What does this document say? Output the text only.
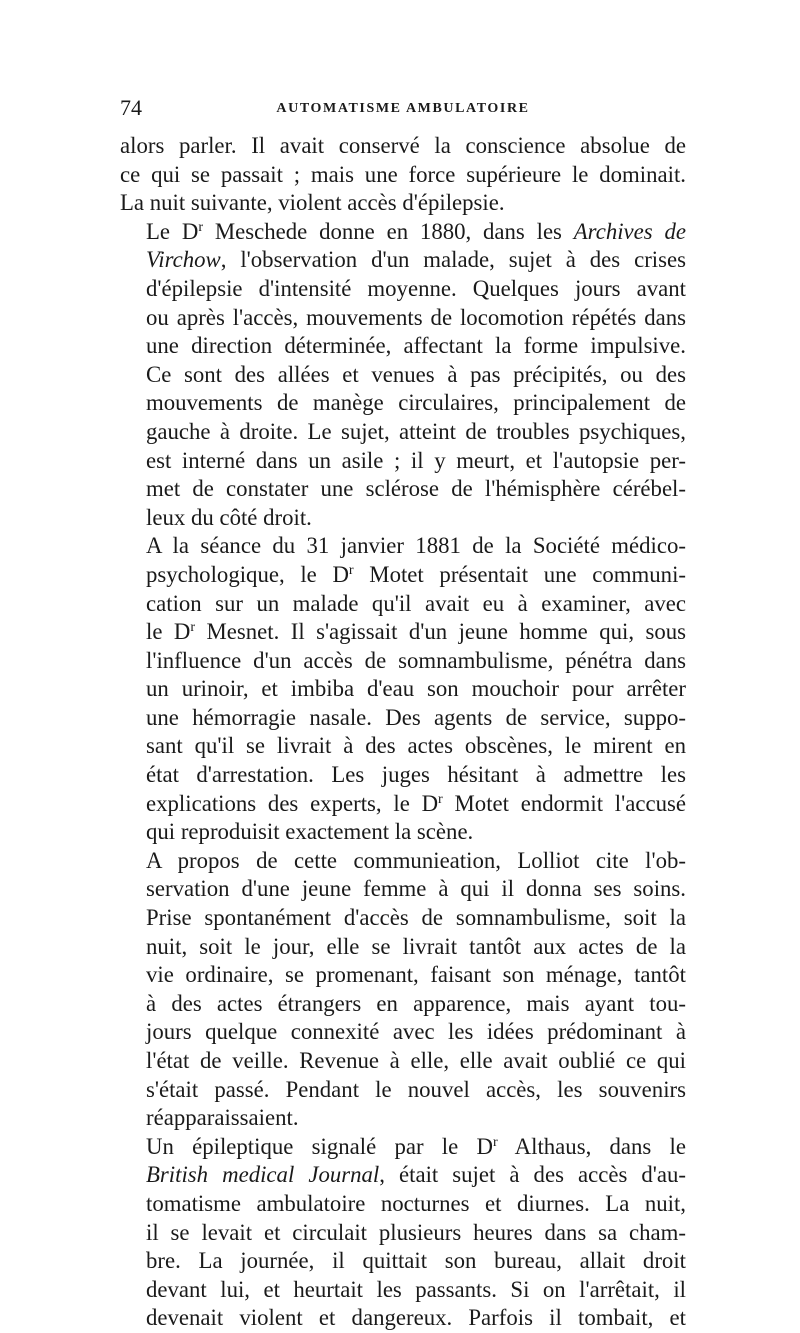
74	AUTOMATISME AMBULATOIRE

alors parler. Il avait conservé la conscience absolue de
ce qui se passait ; mais une force supérieure le dominait.
La nuit suivante, violent accès d'épilepsie.

Le $D^r$ Meschede donne en 1880, dans les Archives de
Virchow, l'observation d'un malade, sujet à des crises
d'épilepsie d'intensité moyenne. Quelques jours avant
ou après l'accès, mouvements de locomotion répétés dans
une direction déterminée, affectant la forme impulsive.
Ce sont des allées et venues à pas précipités, ou des
mouvements de manège circulaires, principalement de
gauche à droite. Le sujet, atteint de troubles psychiques,
est interné dans un asile ; il y meurt, et l'autopsie per-
met de constater une sclérose de l'hémisphère cérébel-
leux du côté droit.

A la séance du 31 janvier 1881 de la Société médico-
psychologique, le $D^r$ Motet présentait une communi-
cation sur un malade qu'il avait eu à examiner, avec
le $D^r$ Mesnet. Il s'agissait d'un jeune homme qui, sous
l'influence d'un accès de somnambulisme, pénétra dans
un urinoir, et imbiba d'eau son mouchoir pour arrêter
une hémorragie nasale. Des agents de service, suppo-
sant qu'il se livrait à des actes obscènes, le mirent en
état d'arrestation. Les juges hésitant à admettre les
explications des experts, le $D^r$ Motet endormit l'accusé
qui reproduisit exactement la scène.

A propos de cette communieation, Lolliot cite l'ob-
servation d'une jeune femme à qui il donna ses soins.
Prise spontanément d'accès de somnambulisme, soit la
nuit, soit le jour, elle se livrait tantôt aux actes de la
vie ordinaire, se promenant, faisant son ménage, tantôt
à des actes étrangers en apparence, mais ayant tou-
jours quelque connexité avec les idées prédominant à
l'état de veille. Revenue à elle, elle avait oublié ce qui
s'était passé. Pendant le nouvel accès, les souvenirs
réapparaissaient.

Un épileptique signalé par le $D^r$ Althaus, dans le
British medical Journal, était sujet à des accès d'au-
tomatisme ambulatoire nocturnes et diurnes. La nuit,
il se levait et circulait plusieurs heures dans sa cham-
bre. La journée, il quittait son bureau, allait droit
devant lui, et heurtait les passants. Si on l'arrêtait, il
devenait violent et dangereux. Parfois il tombait, et
